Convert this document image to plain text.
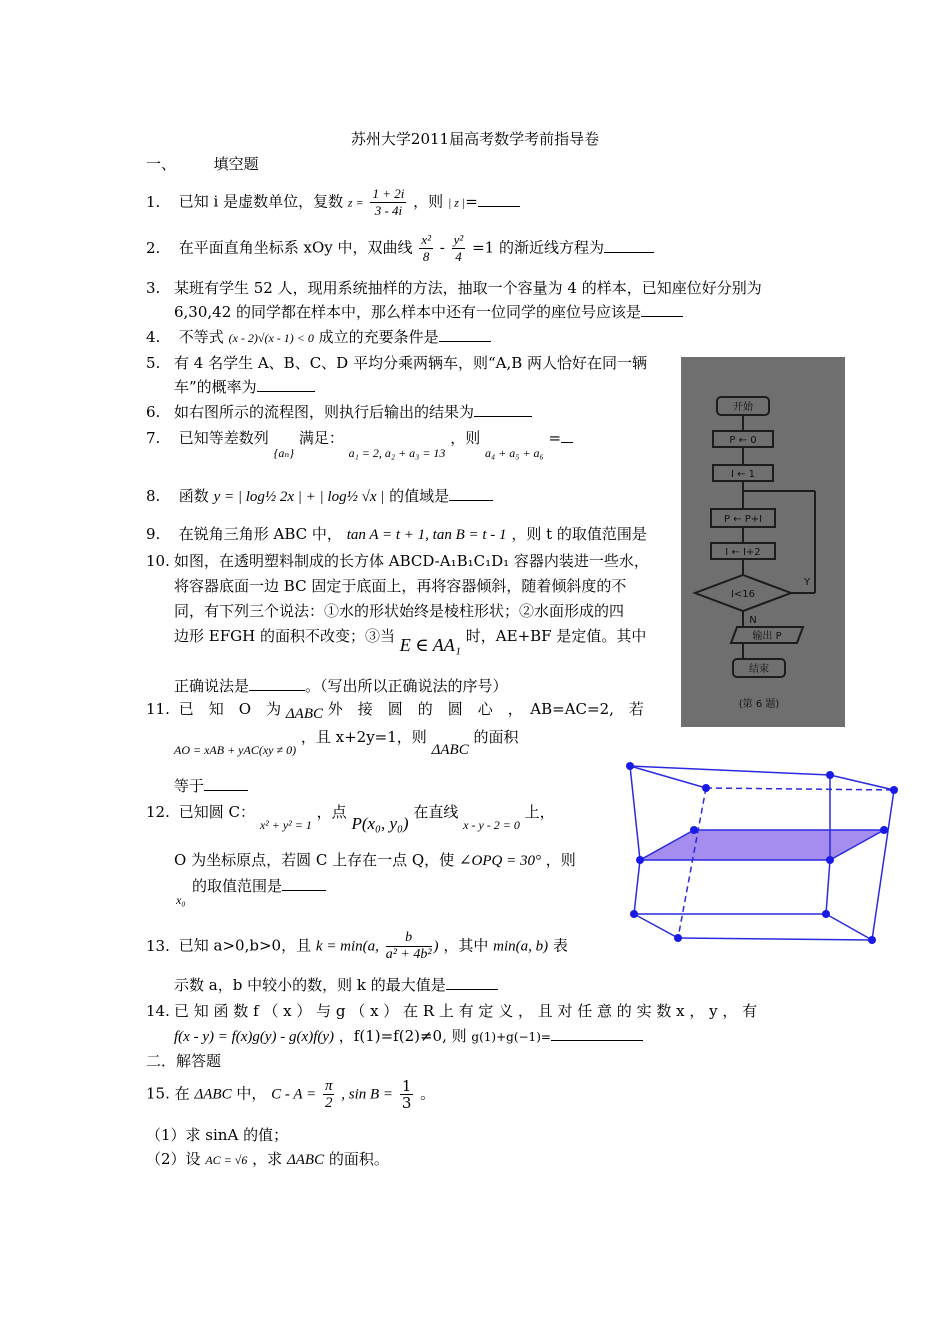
苏州大学2011届高考数学考前指导卷
一、	填空题
1. 已知 i 是虚数单位，复数 $z = \frac{1 + 2i}{3 - 4i}$ ，则 | z |=
2. 在平面直角坐标系 xOy 中，双曲线 $\frac{\text{x²}}{8} - \frac{\text{y²}}{4} =1$ 的渐近线方程为
3. 某班有学生 52 人，现用系统抽样的方法，抽取一个容量为 4 的样本，已知座位好分别为
6,30,42 的同学都在样本中，那么样本中还有一位同学的座位号应该是
4. 不等式 (x - 2)√(x - 1) < 0 成立的充要条件是
5. 有 4 名学生 A、B、C、D 平均分乘两辆车，则“A,B 两人恰好在同一辆
车”的概率为
6. 如右图所示的流程图，则执行后输出的结果为
7. 已知等差数列 $_{\{a_n\}}$ 满足： $_{a_1 = 2, a_2 + a_3 = 13}$ ，则 $_{a_4 + a_5 + a_6}$ =
8. 函数 y = | log½ 2x | + | log½ √x | 的值域是
9. 在锐角三角形 ABC 中， tan A = t + 1, tan B = t - 1 ，则 t 的取值范围是
10. 如图，在透明塑料制成的长方体 ABCD-A₁B₁C₁D₁ 容器内装进一些水，
将容器底面一边 BC 固定于底面上，再将容器倾斜，随着倾斜度的不
同，有下列三个说法：①水的形状始终是棱柱形状；②水面形成的四
边形 EFGH 的面积不改变；③当 E ∈ AA₁ 时，AE+BF 是定值。其中
正确说法是	。（写出所以正确说法的序号）
11. 已　知　O　为 ΔABC 外　接　圆　的　圆　心　，　AB=AC=2,　若
$_{AO = xAB + yAC(xy \ne 0)}$ ，且 x+2y=1，则 ΔABC 的面积
等于
12. 已知圆 C： $_{x^2 + y^2 = 1}$ ，点 P(x₀, y₀) 在直线 $_{x - y - 2 = 0}$ 上，
O 为坐标原点，若圆 C 上存在一点 Q，使 ∠OPQ = 30° ，则
x₀
的取值范围是
13. 已知 a>0,b>0，且 k = min(a, $\frac{b}{\text{a² + 4b²}}$ ) ，其中 min(a, b) 表
示数 a，b 中较小的数，则 k 的最大值是
14. 已 知 函 数 f （ x ） 与 g （ x ） 在 R 上 有 定 义 ， 且 对 任 意 的 实 数 x ， y ， 有
f(x - y) = f(x)g(y) - g(x)f(y) ，f(1)=f(2)≠0, 则 g(1)+g(−1)=
二．解答题
15. 在 ΔABC 中， $C - A = \frac{\pi}{2}$ , $\sin B = \frac{1}{3}$ 。
（1）求 sinA 的值；
（2）设 AC = √6 ，求 ΔABC 的面积。
开始
P ← 0
I ← 1
P ← P+I
I ← I+2
I<16
Y
N
输出 P
结束
(第 6 题)
